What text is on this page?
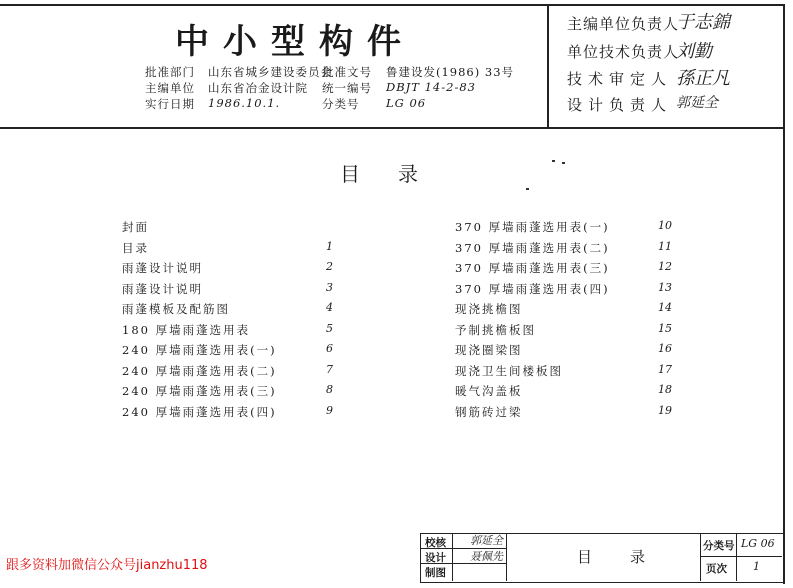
中小型构件
批准部门 山东省城乡建设委员会
批准文号 鲁建设发(1986) 33号
主编单位 山东省冶金设计院 统一编号 DBJT 14-2-83
实行日期 1986.10.1.	分类号 LG 06
主编单位负责人
于志錦
单位技术负责人
刘勤
技术审定人 孫正凡
设计负责人 郭延全
目录
封面
目录	1
雨蓬设计说明	2
雨蓬设计说明	3
雨蓬模板及配筋图	4
180 厚墙雨蓬选用表	5
240 厚墙雨蓬选用表(一)	6
240 厚墙雨蓬选用表(二)	7
240 厚墙雨蓬选用表(三)	8
240 厚墙雨蓬选用表(四)	9
370 厚墙雨蓬选用表(一)	10
370 厚墙雨蓬选用表(二)	11
370 厚墙雨蓬选用表(三)	12
370 厚墙雨蓬选用表(四)	13
现浇挑檐图	14
予制挑檐板图	15
现浇圈梁图	16
现浇卫生间楼板图	17
暖气沟盖板	18
钢筋砖过梁	19
校核 郭延全
设计 聂佩先
制图
目录
分类号 LG 06
页次 1
跟多资料加微信公众号jianzhu118
